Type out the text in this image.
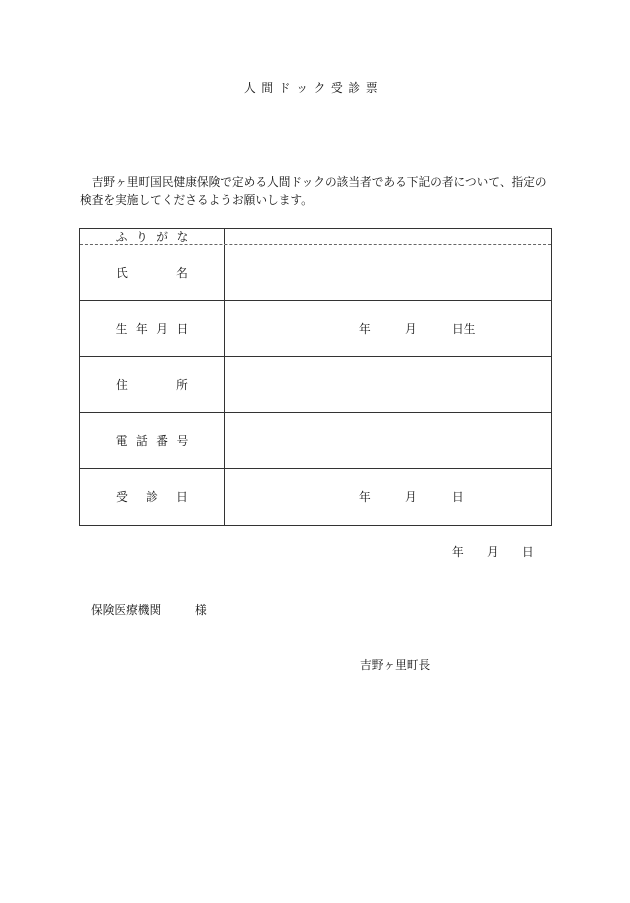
人 間 ド ッ ク 受 診 票
吉野ヶ里町国民健康保険で定める人間ドックの該当者である下記の者について、指定の
検査を実施してくださるようお願いします。
ふ り が な
氏 名
生 年 月 日	年	月	日生
住 所
電 話 番 号
受 診 日	年	月	日
年 月 日
保険医療機関	様
吉野ヶ里町長
